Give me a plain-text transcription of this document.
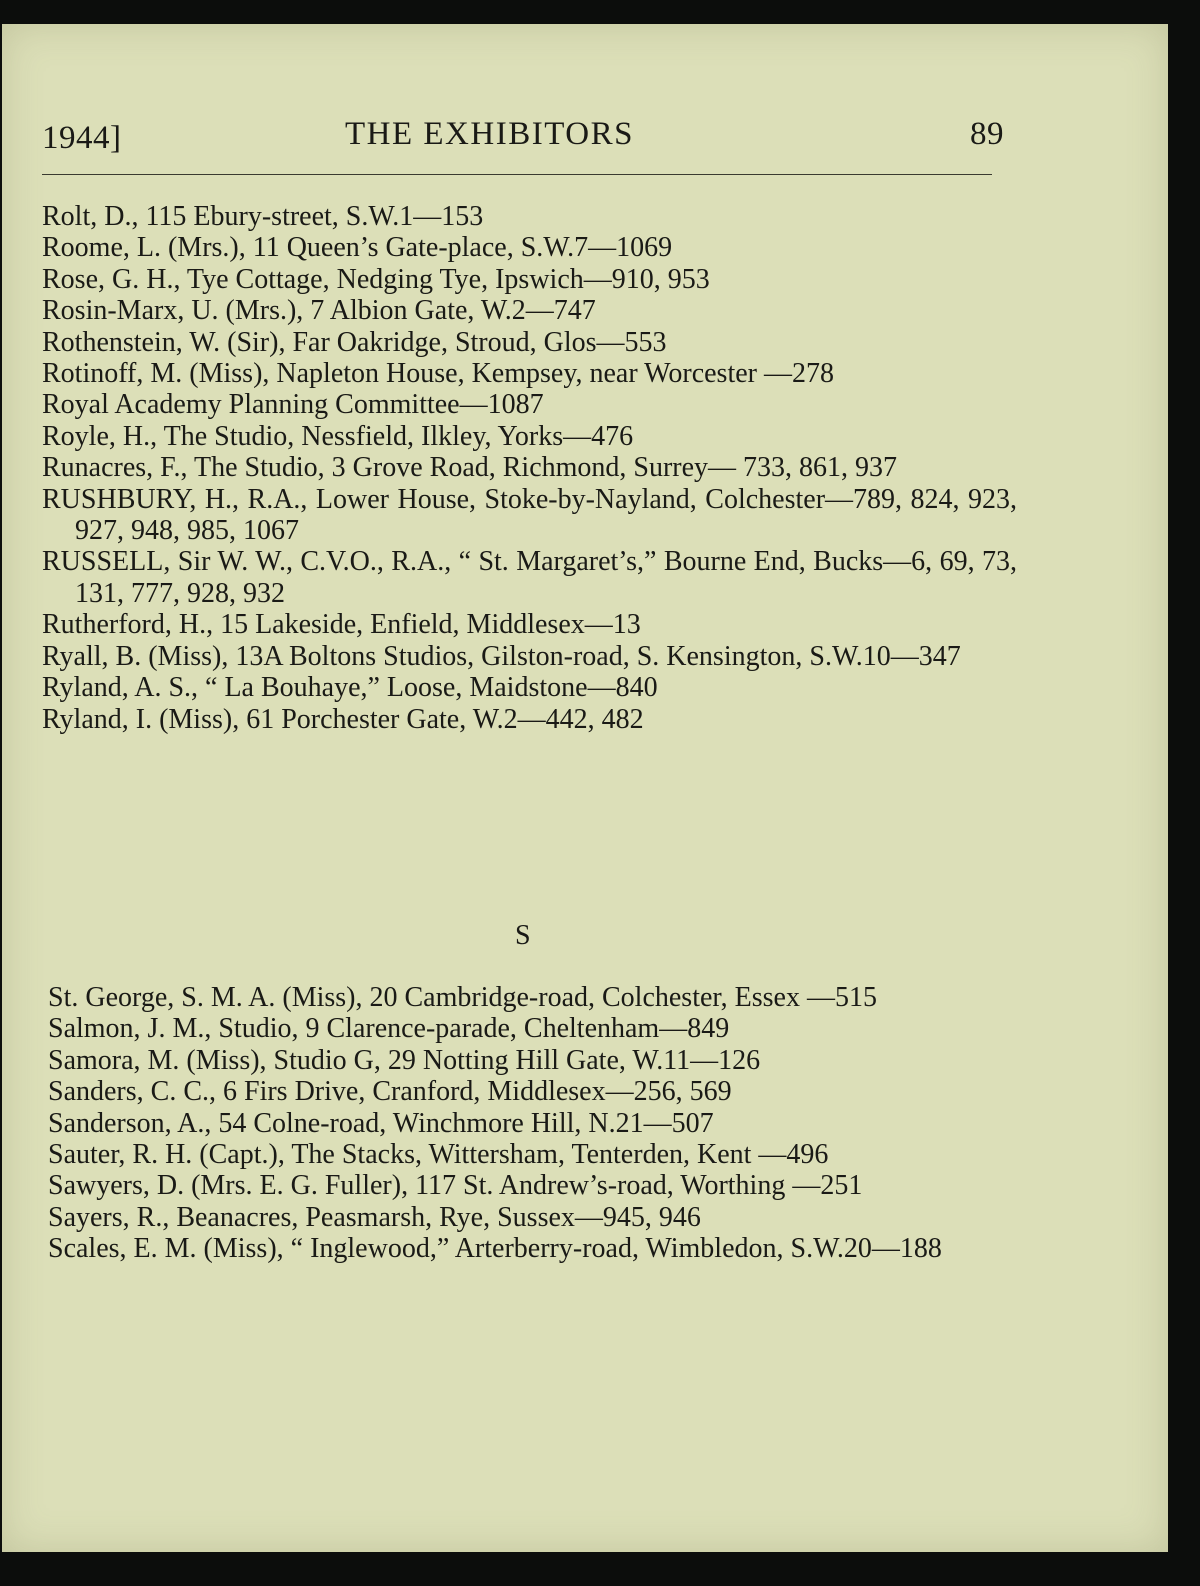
1944]	THE EXHIBITORS	89
Rolt, D., 115 Ebury-street, S.W.1—153
Roome, L. (Mrs.), 11 Queen’s Gate-place, S.W.7—1069
Rose, G. H., Tye Cottage, Nedging Tye, Ipswich—910, 953
Rosin-Marx, U. (Mrs.), 7 Albion Gate, W.2—747
Rothenstein, W. (Sir), Far Oakridge, Stroud, Glos—553
Rotinoff, M. (Miss), Napleton House, Kempsey, near Worcester —278
Royal Academy Planning Committee—1087
Royle, H., The Studio, Nessfield, Ilkley, Yorks—476
Runacres, F., The Studio, 3 Grove Road, Richmond, Surrey— 733, 861, 937
RUSHBURY, H., R.A., Lower House, Stoke-by-Nayland, Colchester—789, 824, 923, 927, 948, 985, 1067
RUSSELL, Sir W. W., C.V.O., R.A., “ St. Margaret’s,” Bourne End, Bucks—6, 69, 73, 131, 777, 928, 932
Rutherford, H., 15 Lakeside, Enfield, Middlesex—13
Ryall, B. (Miss), 13A Boltons Studios, Gilston-road, S. Kensington, S.W.10—347
Ryland, A. S., “ La Bouhaye,” Loose, Maidstone—840
Ryland, I. (Miss), 61 Porchester Gate, W.2—442, 482
S
St. George, S. M. A. (Miss), 20 Cambridge-road, Colchester, Essex —515
Salmon, J. M., Studio, 9 Clarence-parade, Cheltenham—849
Samora, M. (Miss), Studio G, 29 Notting Hill Gate, W.11—126
Sanders, C. C., 6 Firs Drive, Cranford, Middlesex—256, 569
Sanderson, A., 54 Colne-road, Winchmore Hill, N.21—507
Sauter, R. H. (Capt.), The Stacks, Wittersham, Tenterden, Kent —496
Sawyers, D. (Mrs. E. G. Fuller), 117 St. Andrew’s-road, Worthing —251
Sayers, R., Beanacres, Peasmarsh, Rye, Sussex—945, 946
Scales, E. M. (Miss), “ Inglewood,” Arterberry-road, Wimbledon, S.W.20—188
